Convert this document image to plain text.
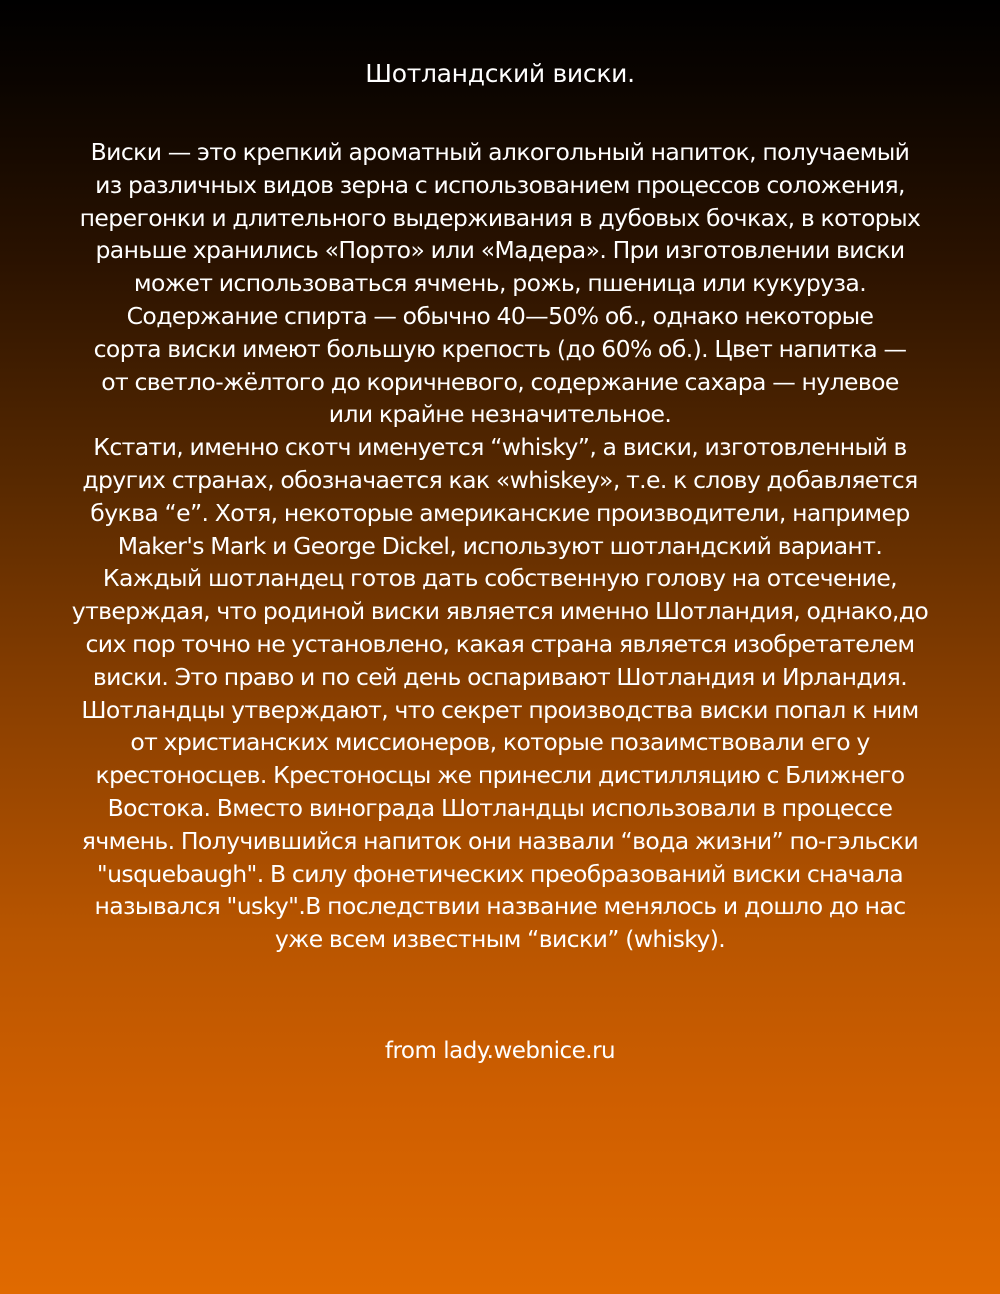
Шотландский виски.
Виски — это крепкий ароматный алкогольный напиток, получаемый
из различных видов зерна с использованием процессов соложения,
перегонки и длительного выдерживания в дубовых бочках, в которых
раньше хранились «Порто» или «Мадера». При изготовлении виски
может использоваться ячмень, рожь, пшеница или кукуруза.
Содержание спирта — обычно 40—50% об., однако некоторые
сорта виски имеют большую крепость (до 60% об.). Цвет напитка —
от светло-жёлтого до коричневого, содержание сахара — нулевое
или крайне незначительное.
Кстати, именно скотч именуется “whisky”, а виски, изготовленный в
других странах, обозначается как «whiskey», т.е. к слову добавляется
буква “e”. Хотя, некоторые американские производители, например
Maker's Mark и George Dickel, используют шотландский вариант.
Каждый шотландец готов дать собственную голову на отсечение,
утверждая, что родиной виски является именно Шотландия, однако,до
сих пор точно не установлено, какая страна является изобретателем
виски. Это право и по сей день оспаривают Шотландия и Ирландия.
Шотландцы утверждают, что секрет производства виски попал к ним
от христианских миссионеров, которые позаимствовали его у
крестоносцев. Крестоносцы же принесли дистилляцию с Ближнего
Востока. Вместо винограда Шотландцы использовали в процессе
ячмень. Получившийся напиток они назвали “вода жизни” по-гэльски
"usquebaugh". В силу фонетических преобразований виски сначала
назывался "usky".В последствии название менялось и дошло до нас
уже всем известным “виски” (whisky).
from lady.webnice.ru
